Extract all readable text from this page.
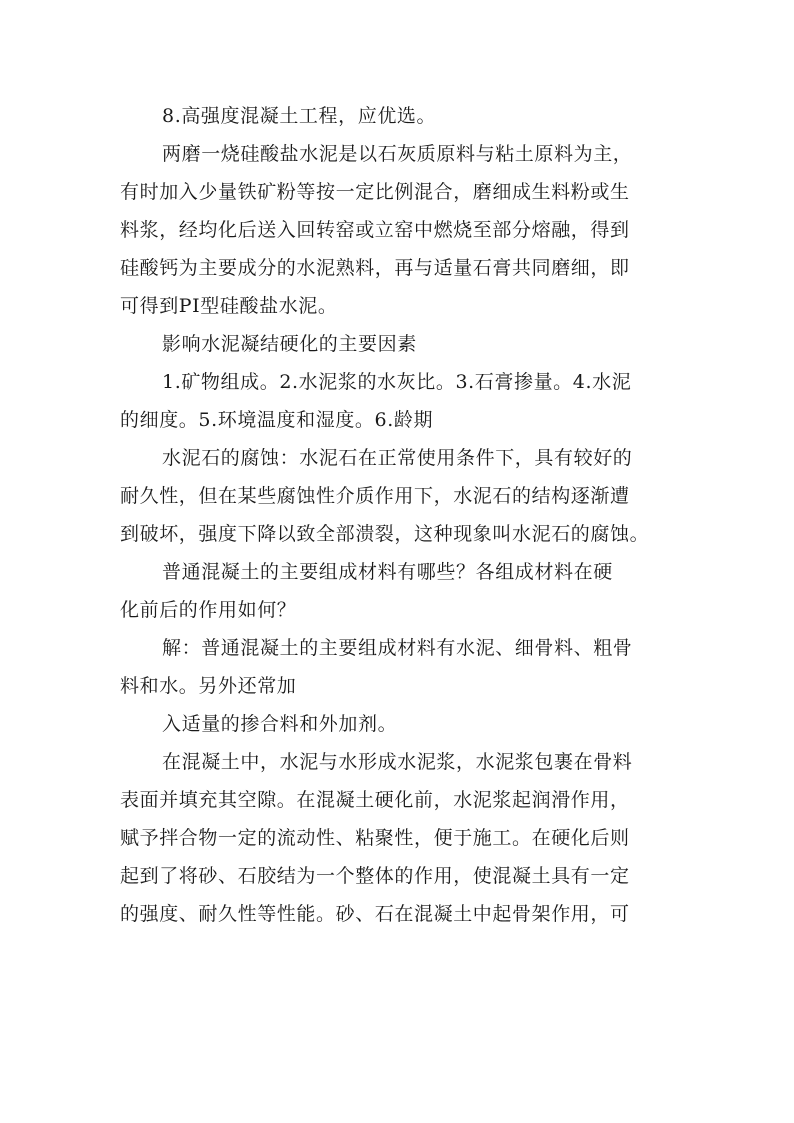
8.高强度混凝土工程，应优选。
两磨一烧硅酸盐水泥是以石灰质原料与粘土原料为主，
有时加入少量铁矿粉等按一定比例混合，磨细成生料粉或生
料浆，经均化后送入回转窑或立窑中燃烧至部分熔融，得到
硅酸钙为主要成分的水泥熟料，再与适量石膏共同磨细，即
可得到PI型硅酸盐水泥。
影响水泥凝结硬化的主要因素
1.矿物组成。2.水泥浆的水灰比。3.石膏掺量。4.水泥
的细度。5.环境温度和湿度。6.龄期
水泥石的腐蚀：水泥石在正常使用条件下，具有较好的
耐久性，但在某些腐蚀性介质作用下，水泥石的结构逐渐遭
到破坏，强度下降以致全部溃裂，这种现象叫水泥石的腐蚀。
普通混凝土的主要组成材料有哪些？各组成材料在硬
化前后的作用如何？
解：普通混凝土的主要组成材料有水泥、细骨料、粗骨
料和水。另外还常加
入适量的掺合料和外加剂。
在混凝土中，水泥与水形成水泥浆，水泥浆包裹在骨料
表面并填充其空隙。在混凝土硬化前，水泥浆起润滑作用，
赋予拌合物一定的流动性、粘聚性，便于施工。在硬化后则
起到了将砂、石胶结为一个整体的作用，使混凝土具有一定
的强度、耐久性等性能。砂、石在混凝土中起骨架作用，可
